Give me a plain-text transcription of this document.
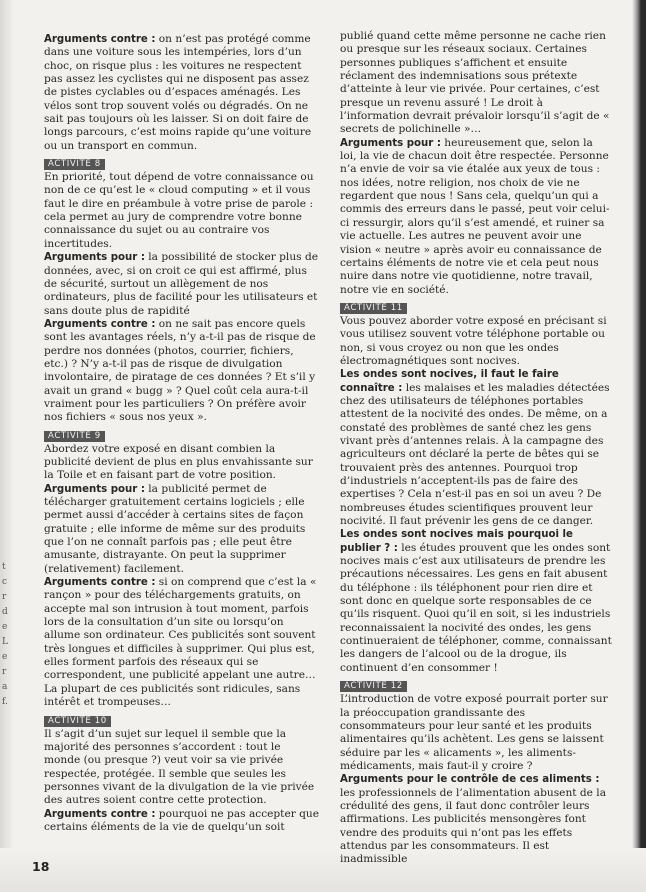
t
c
r
d
e
L
e
r
a
f.

Arguments contre : on n’est pas protégé comme dans une voiture sous les intempéries, lors d’un choc, on risque plus : les voitures ne respectent pas assez les cyclistes qui ne disposent pas assez de pistes cyclables ou d’espaces aménagés. Les vélos sont trop souvent volés ou dégradés. On ne sait pas toujours où les laisser. Si on doit faire de longs parcours, c’est moins rapide qu’une voiture ou un transport en commun.

ACTIVITÉ 8

En priorité, tout dépend de votre connaissance ou non de ce qu’est le « cloud computing » et il vous faut le dire en préambule à votre prise de parole : cela permet au jury de comprendre votre bonne connaissance du sujet ou au contraire vos incertitudes.

Arguments pour : la possibilité de stocker plus de données, avec, si on croit ce qui est affirmé, plus de sécurité, surtout un allègement de nos ordinateurs, plus de facilité pour les utilisateurs et sans doute plus de rapidité

Arguments contre : on ne sait pas encore quels sont les avantages réels, n’y a-t-il pas de risque de perdre nos données (photos, courrier, fichiers, etc.) ? N’y a-t-il pas de risque de divulgation involontaire, de piratage de ces données ? Et s’il y avait un grand « bugg » ? Quel coût cela aura-t-il vraiment pour les particuliers ? On préfère avoir nos fichiers « sous nos yeux ».

ACTIVITÉ 9

Abordez votre exposé en disant combien la publicité devient de plus en plus envahissante sur la Toile et en faisant part de votre position.

Arguments pour : la publicité permet de télécharger gratuitement certains logiciels ; elle permet aussi d’accéder à certains sites de façon gratuite ; elle informe de même sur des produits que l’on ne connaît parfois pas ; elle peut être amusante, distrayante. On peut la supprimer (relativement) facilement.

Arguments contre : si on comprend que c’est la « rançon » pour des téléchargements gratuits, on accepte mal son intrusion à tout moment, parfois lors de la consultation d’un site ou lorsqu’on allume son ordinateur. Ces publicités sont souvent très longues et difficiles à supprimer. Qui plus est, elles forment parfois des réseaux qui se correspondent, une publicité appelant une autre… La plupart de ces publicités sont ridicules, sans intérêt et trompeuses…

ACTIVITÉ 10

Il s’agit d’un sujet sur lequel il semble que la majorité des personnes s’accordent : tout le monde (ou presque ?) veut voir sa vie privée respectée, protégée. Il semble que seules les personnes vivant de la divulgation de la vie privée des autres soient contre cette protection.

Arguments contre : pourquoi ne pas accepter que certains éléments de la vie de quelqu’un soit

publié quand cette même personne ne cache rien ou presque sur les réseaux sociaux. Certaines personnes publiques s’affichent et ensuite réclament des indemnisations sous prétexte d’atteinte à leur vie privée. Pour certaines, c’est presque un revenu assuré ! Le droit à l’information devrait prévaloir lorsqu’il s’agit de « secrets de polichinelle »…

Arguments pour : heureusement que, selon la loi, la vie de chacun doit être respectée. Personne n’a envie de voir sa vie étalée aux yeux de tous : nos idées, notre religion, nos choix de vie ne regardent que nous ! Sans cela, quelqu’un qui a commis des erreurs dans le passé, peut voir celui-ci ressurgir, alors qu’il s’est amendé, et ruiner sa vie actuelle. Les autres ne peuvent avoir une vision « neutre » après avoir eu connaissance de certains éléments de notre vie et cela peut nous nuire dans notre vie quotidienne, notre travail, notre vie en société.

ACTIVITÉ 11

Vous pouvez aborder votre exposé en précisant si vous utilisez souvent votre téléphone portable ou non, si vous croyez ou non que les ondes électromagnétiques sont nocives.

Les ondes sont nocives, il faut le faire connaître : les malaises et les maladies détectées chez des utilisateurs de téléphones portables attestent de la nocivité des ondes. De même, on a constaté des problèmes de santé chez les gens vivant près d’antennes relais. À la campagne des agriculteurs ont déclaré la perte de bêtes qui se trouvaient près des antennes. Pourquoi trop d’industriels n’acceptent-ils pas de faire des expertises ? Cela n’est-il pas en soi un aveu ? De nombreuses études scientifiques prouvent leur nocivité. Il faut prévenir les gens de ce danger.

Les ondes sont nocives mais pourquoi le publier ? : les études prouvent que les ondes sont nocives mais c’est aux utilisateurs de prendre les précautions nécessaires. Les gens en fait abusent du téléphone : ils téléphonent pour rien dire et sont donc en quelque sorte responsables de ce qu’ils risquent. Quoi qu’il en soit, si les industriels reconnaissaient la nocivité des ondes, les gens continueraient de téléphoner, comme, connaissant les dangers de l’alcool ou de la drogue, ils continuent d’en consommer !

ACTIVITÉ 12

L’introduction de votre exposé pourrait porter sur la préoccupation grandissante des consommateurs pour leur santé et les produits alimentaires qu’ils achètent. Les gens se laissent séduire par les « alicaments », les aliments-médicaments, mais faut-il y croire ?

Arguments pour le contrôle de ces aliments : les professionnels de l’alimentation abusent de la crédulité des gens, il faut donc contrôler leurs affirmations. Les publicités mensongères font vendre des produits qui n’ont pas les effets attendus par les consommateurs. Il est inadmissible

18
